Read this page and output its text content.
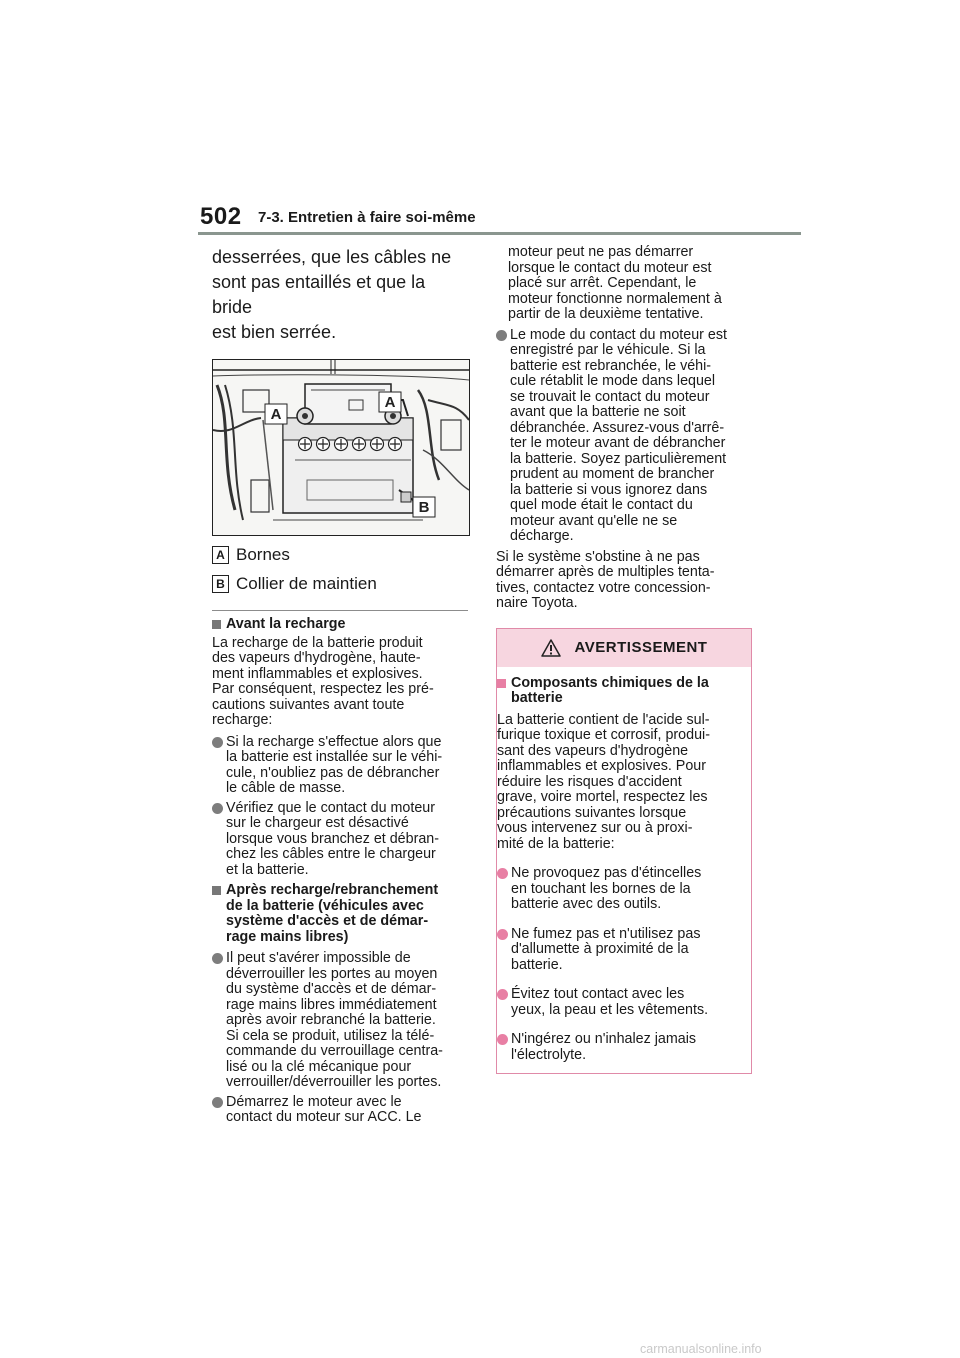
502 7-3. Entretien à faire soi-même
desserrées, que les câbles ne
sont pas entaillés et que la bride
est bien serrée.
A
A
B
A Bornes
B Collier de maintien
Avant la recharge
La recharge de la batterie produit
des vapeurs d'hydrogène, haute-
ment inflammables et explosives.
Par conséquent, respectez les pré-
cautions suivantes avant toute
recharge:
Si la recharge s'effectue alors que
la batterie est installée sur le véhi-
cule, n'oubliez pas de débrancher
le câble de masse.
Vérifiez que le contact du moteur
sur le chargeur est désactivé
lorsque vous branchez et débran-
chez les câbles entre le chargeur
et la batterie.
Après recharge/rebranchement
de la batterie (véhicules avec
système d'accès et de démar-
rage mains libres)
Il peut s'avérer impossible de
déverrouiller les portes au moyen
du système d'accès et de démar-
rage mains libres immédiatement
après avoir rebranché la batterie.
Si cela se produit, utilisez la télé-
commande du verrouillage centra-
lisé ou la clé mécanique pour
verrouiller/déverrouiller les portes.
Démarrez le moteur avec le
contact du moteur sur ACC. Le
moteur peut ne pas démarrer
lorsque le contact du moteur est
placé sur arrêt. Cependant, le
moteur fonctionne normalement à
partir de la deuxième tentative.
Le mode du contact du moteur est
enregistré par le véhicule. Si la
batterie est rebranchée, le véhi-
cule rétablit le mode dans lequel
se trouvait le contact du moteur
avant que la batterie ne soit
débranchée. Assurez-vous d'arrê-
ter le moteur avant de débrancher
la batterie. Soyez particulièrement
prudent au moment de brancher
la batterie si vous ignorez dans
quel mode était le contact du
moteur avant qu'elle ne se
décharge.
Si le système s'obstine à ne pas
démarrer après de multiples tenta-
tives, contactez votre concession-
naire Toyota.
AVERTISSEMENT
Composants chimiques de la
batterie
La batterie contient de l'acide sul-
furique toxique et corrosif, produi-
sant des vapeurs d'hydrogène
inflammables et explosives. Pour
réduire les risques d'accident
grave, voire mortel, respectez les
précautions suivantes lorsque
vous intervenez sur ou à proxi-
mité de la batterie:
Ne provoquez pas d'étincelles
en touchant les bornes de la
batterie avec des outils.
Ne fumez pas et n'utilisez pas
d'allumette à proximité de la
batterie.
Évitez tout contact avec les
yeux, la peau et les vêtements.
N'ingérez ou n'inhalez jamais
l'électrolyte.
carmanualsonline.info
